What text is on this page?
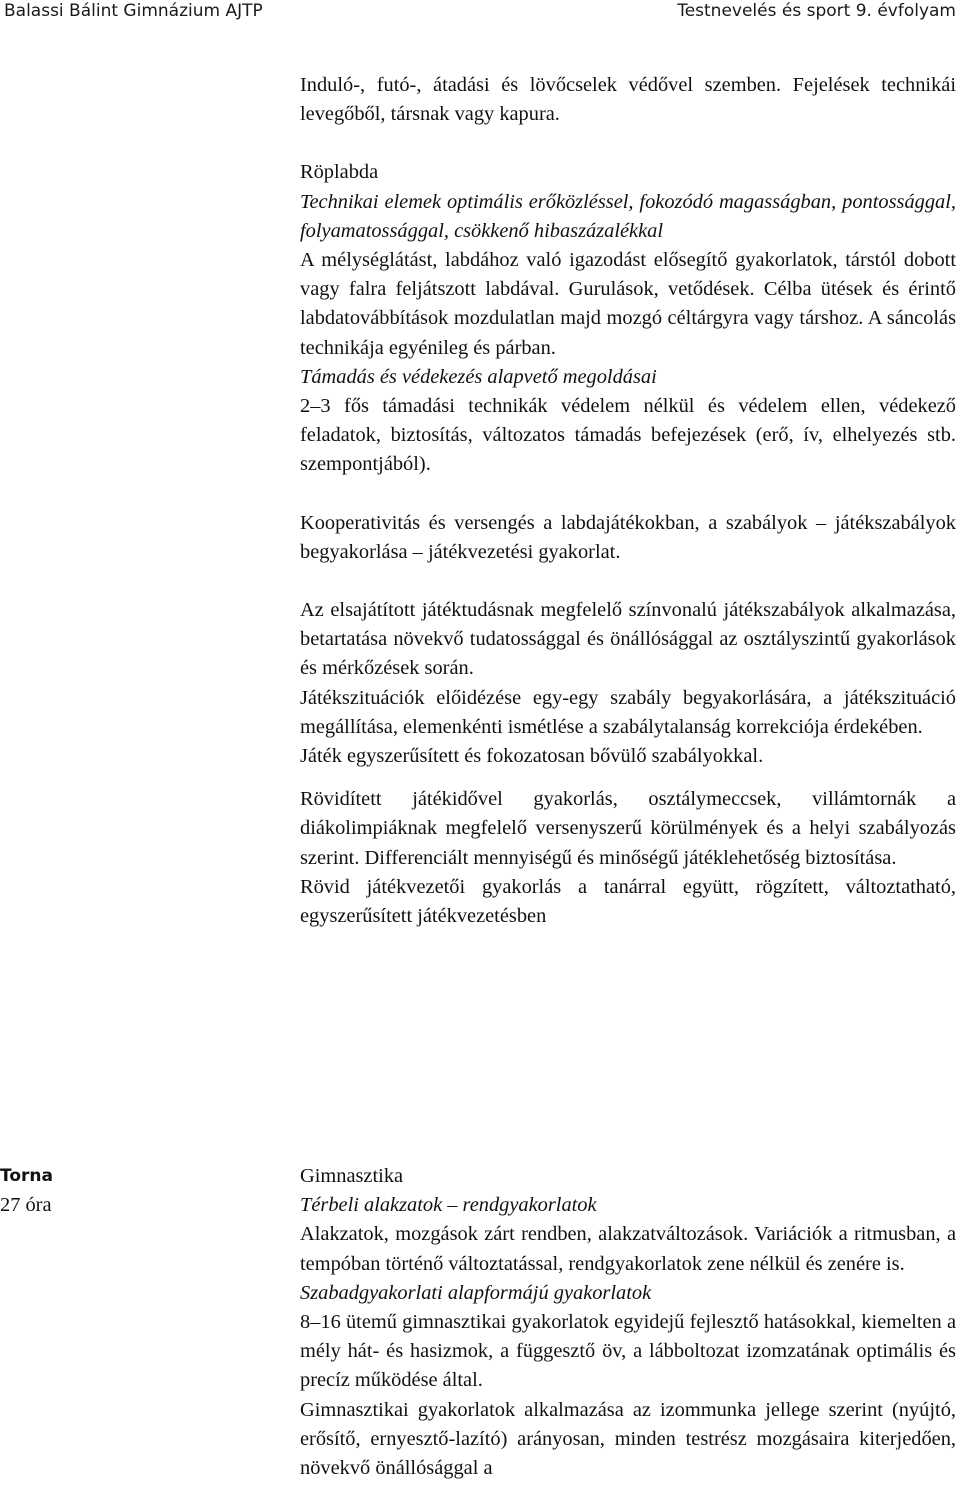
Balassi Bálint Gimnázium AJTP	Testnevelés és sport 9. évfolyam

Induló-, futó-, átadási és lövőcselek védővel szemben. Fejelések technikái levegőből, társnak vagy kapura.

Röplabda

Technikai elemek optimális erőközléssel, fokozódó magasságban, pontossággal, folyamatossággal, csökkenő hibaszázalékkal

A mélységlátást, labdához való igazodást elősegítő gyakorlatok, társtól dobott vagy falra feljátszott labdával. Gurulások, vetődések. Célba ütések és érintő labdatovábbítások mozdulatlan majd mozgó céltárgyra vagy társhoz. A sáncolás technikája egyénileg és párban.

Támadás és védekezés alapvető megoldásai

2‒3 fős támadási technikák védelem nélkül és védelem ellen, védekező feladatok, biztosítás, változatos támadás befejezések (erő, ív, elhelyezés stb. szempontjából).

Kooperativitás és versengés a labdajátékokban, a szabályok – játékszabályok begyakorlása – játékvezetési gyakorlat.

Az elsajátított játéktudásnak megfelelő színvonalú játékszabályok alkalmazása, betartatása növekvő tudatossággal és önállósággal az osztályszintű gyakorlások és mérkőzések során.

Játékszituációk előidézése egy-egy szabály begyakorlására, a játékszituáció megállítása, elemenkénti ismétlése a szabálytalanság korrekciója érdekében.

Játék egyszerűsített és fokozatosan bővülő szabályokkal.

Rövidített játékidővel gyakorlás, osztálymeccsek, villámtornák a diákolimpiáknak megfelelő versenyszerű körülmények és a helyi szabályozás szerint. Differenciált mennyiségű és minőségű játéklehetőség biztosítása.

Rövid játékvezetői gyakorlás a tanárral együtt, rögzített, változtatható, egyszerűsített játékvezetésben

Torna

27 óra

Gimnasztika

Térbeli alakzatok – rendgyakorlatok

Alakzatok, mozgások zárt rendben, alakzatváltozások. Variációk a ritmusban, a tempóban történő változtatással, rendgyakorlatok zene nélkül és zenére is.

Szabadgyakorlati alapformájú gyakorlatok

8‒16 ütemű gimnasztikai gyakorlatok egyidejű fejlesztő hatásokkal, kiemelten a mély hát- és hasizmok, a függesztő öv, a lábboltozat izomzatának optimális és precíz működése által.

Gimnasztikai gyakorlatok alkalmazása az izommunka jellege szerint (nyújtó, erősítő, ernyesztő-lazító) arányosan, minden testrész mozgásaira kiterjedően, növekvő önállósággal a
